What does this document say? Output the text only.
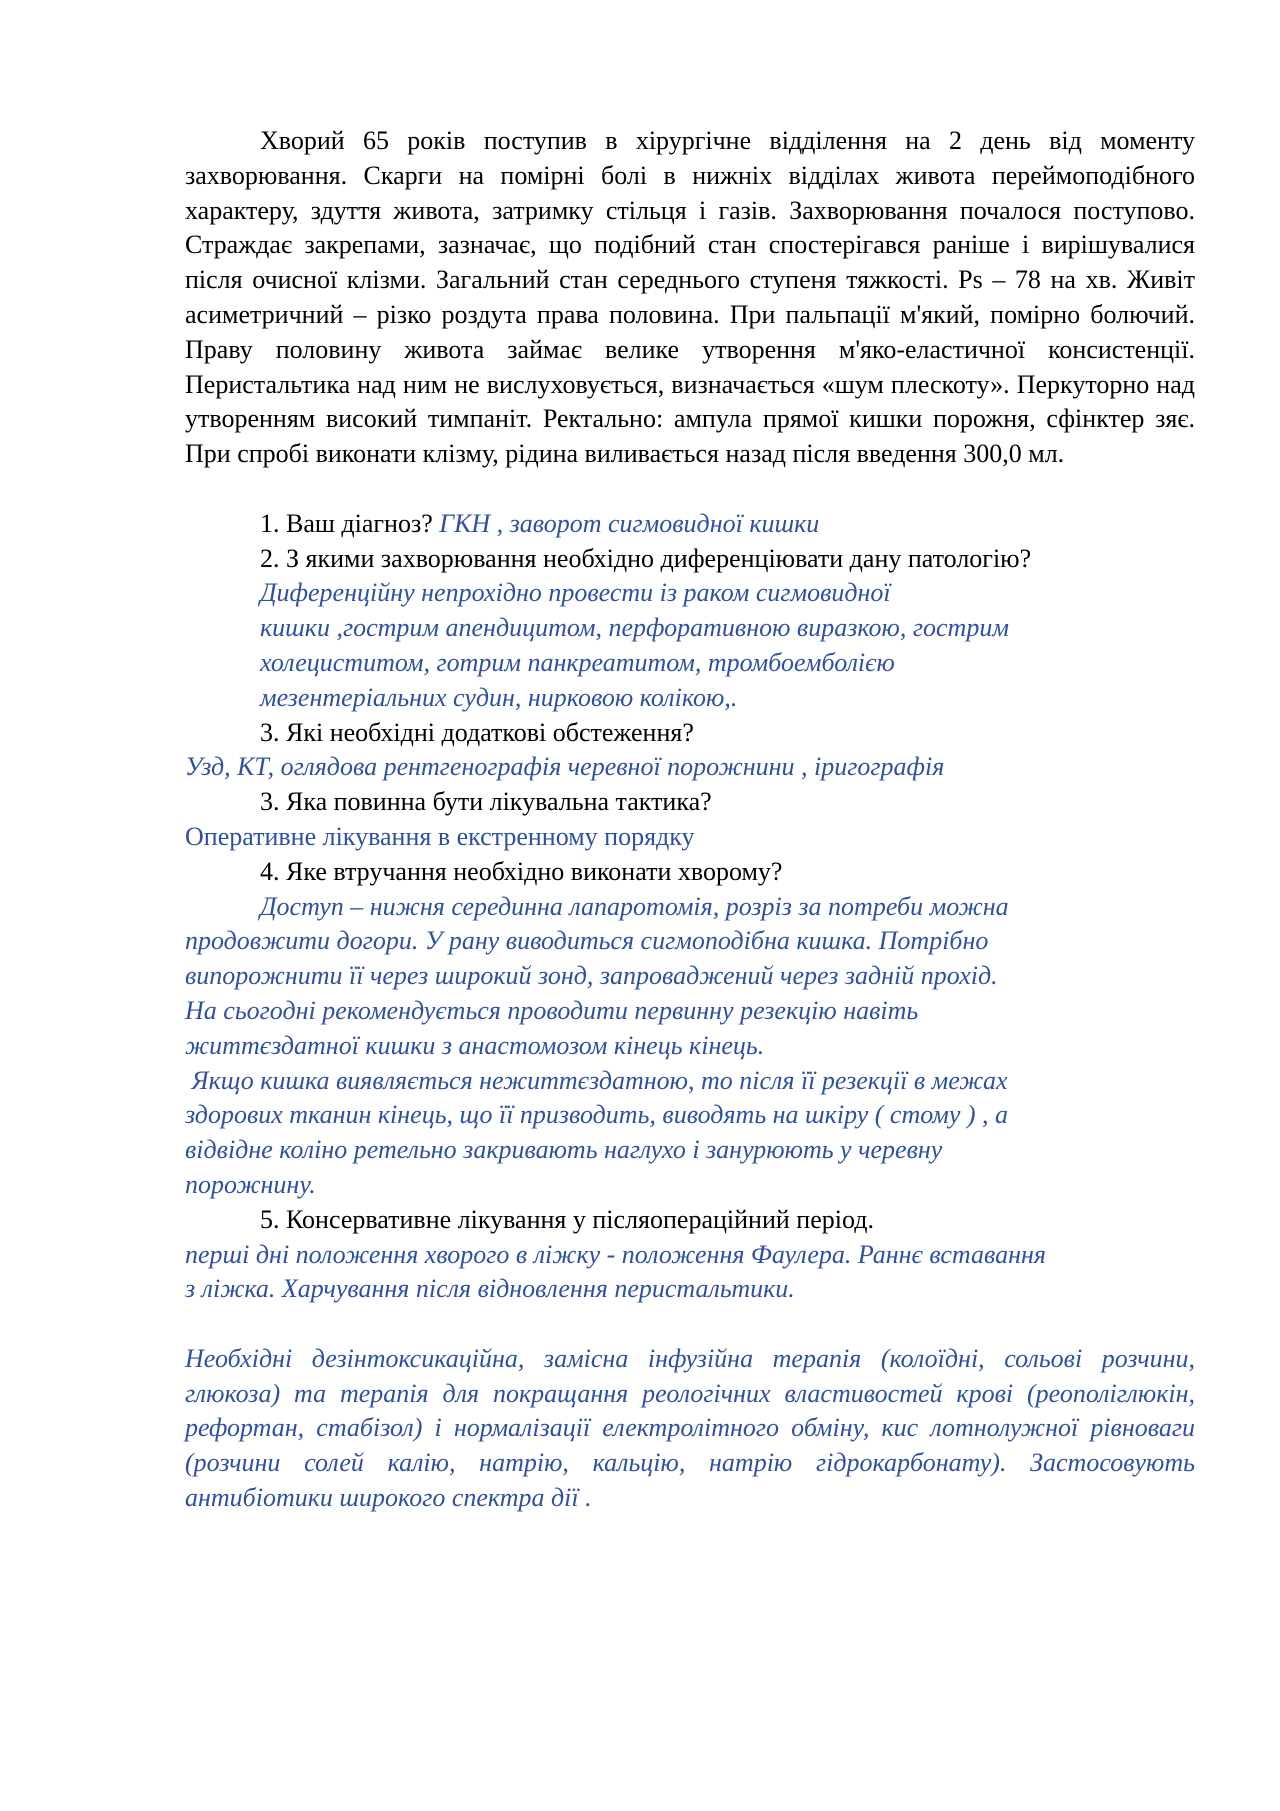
Хворий 65 років поступив в хірургічне відділення на 2 день від моменту захворювання. Скарги на помірні болі в нижніх відділах живота переймоподібного характеру, здуття живота, затримку стільця і газів. Захворювання почалося поступово. Страждає закрепами, зазначає, що подібний стан спостерігався раніше і вирішувалися після очисної клізми. Загальний стан середнього ступеня тяжкості. Ps – 78 на хв. Живіт асиметричний – різко роздута права половина. При пальпації м'який, помірно болючий. Праву половину живота займає велике утворення м'яко-еластичної консистенції. Перистальтика над ним не вислуховується, визначається «шум плескоту». Перкуторно над утворенням високий тимпаніт. Ректально: ампула прямої кишки порожня, сфінктер зяє. При спробі виконати клізму, рідина виливається назад після введення 300,0 мл.

1. Ваш діагноз? ГКН , заворот сигмовидної кишки
2. З якими захворювання необхідно диференціювати дану патологію?
Диференційну непрохідно провести із раком сигмовидної
кишки ,гострим апендицитом, перфоративною виразкою, гострим
холециститом, готрим панкреатитом, тромбоемболією
мезентеріальних судин, нирковою колікою,.
3. Які необхідні додаткові обстеження?
Узд, КТ, оглядова рентгенографія черевної порожнини , іригографія
3. Яка повинна бути лікувальна тактика?
Оперативне лікування в екстренному порядку
4. Яке втручання необхідно виконати хворому?
Доступ – нижня серединна лапаротомія, розріз за потреби можна
продовжити догори. У рану виводиться сигмоподібна кишка. Потрібно
випорожнити її через широкий зонд, запроваджений через задній прохід.
На сьогодні рекомендується проводити первинну резекцію навіть
життєздатної кишки з анастомозом кінець кінець.
Якщо кишка виявляється нежиттєздатною, то після її резекції в межах
здорових тканин кінець, що її призводить, виводять на шкіру ( стому ) , а
відвідне коліно ретельно закривають наглухо і занурюють у черевну
порожнину.
5. Консервативне лікування у післяопераційний період.
перші дні положення хворого в ліжку - положення Фаулера. Раннє вставання
з ліжка. Харчування після відновлення перистальтики.

Необхідні дезінтоксикаційна, замісна інфузійна терапія (колоїдні, сольові розчини, глюкоза) та терапія для покращання реологічних властивостей крові (реополіглюкін, рефортан, стабізол) і нормалізації електролітного обміну, кис лотнолужної рівноваги (розчини солей калію, натрію, кальцію, натрію гідрокарбонату). Застосовують антибіотики широкого спектра дії .
